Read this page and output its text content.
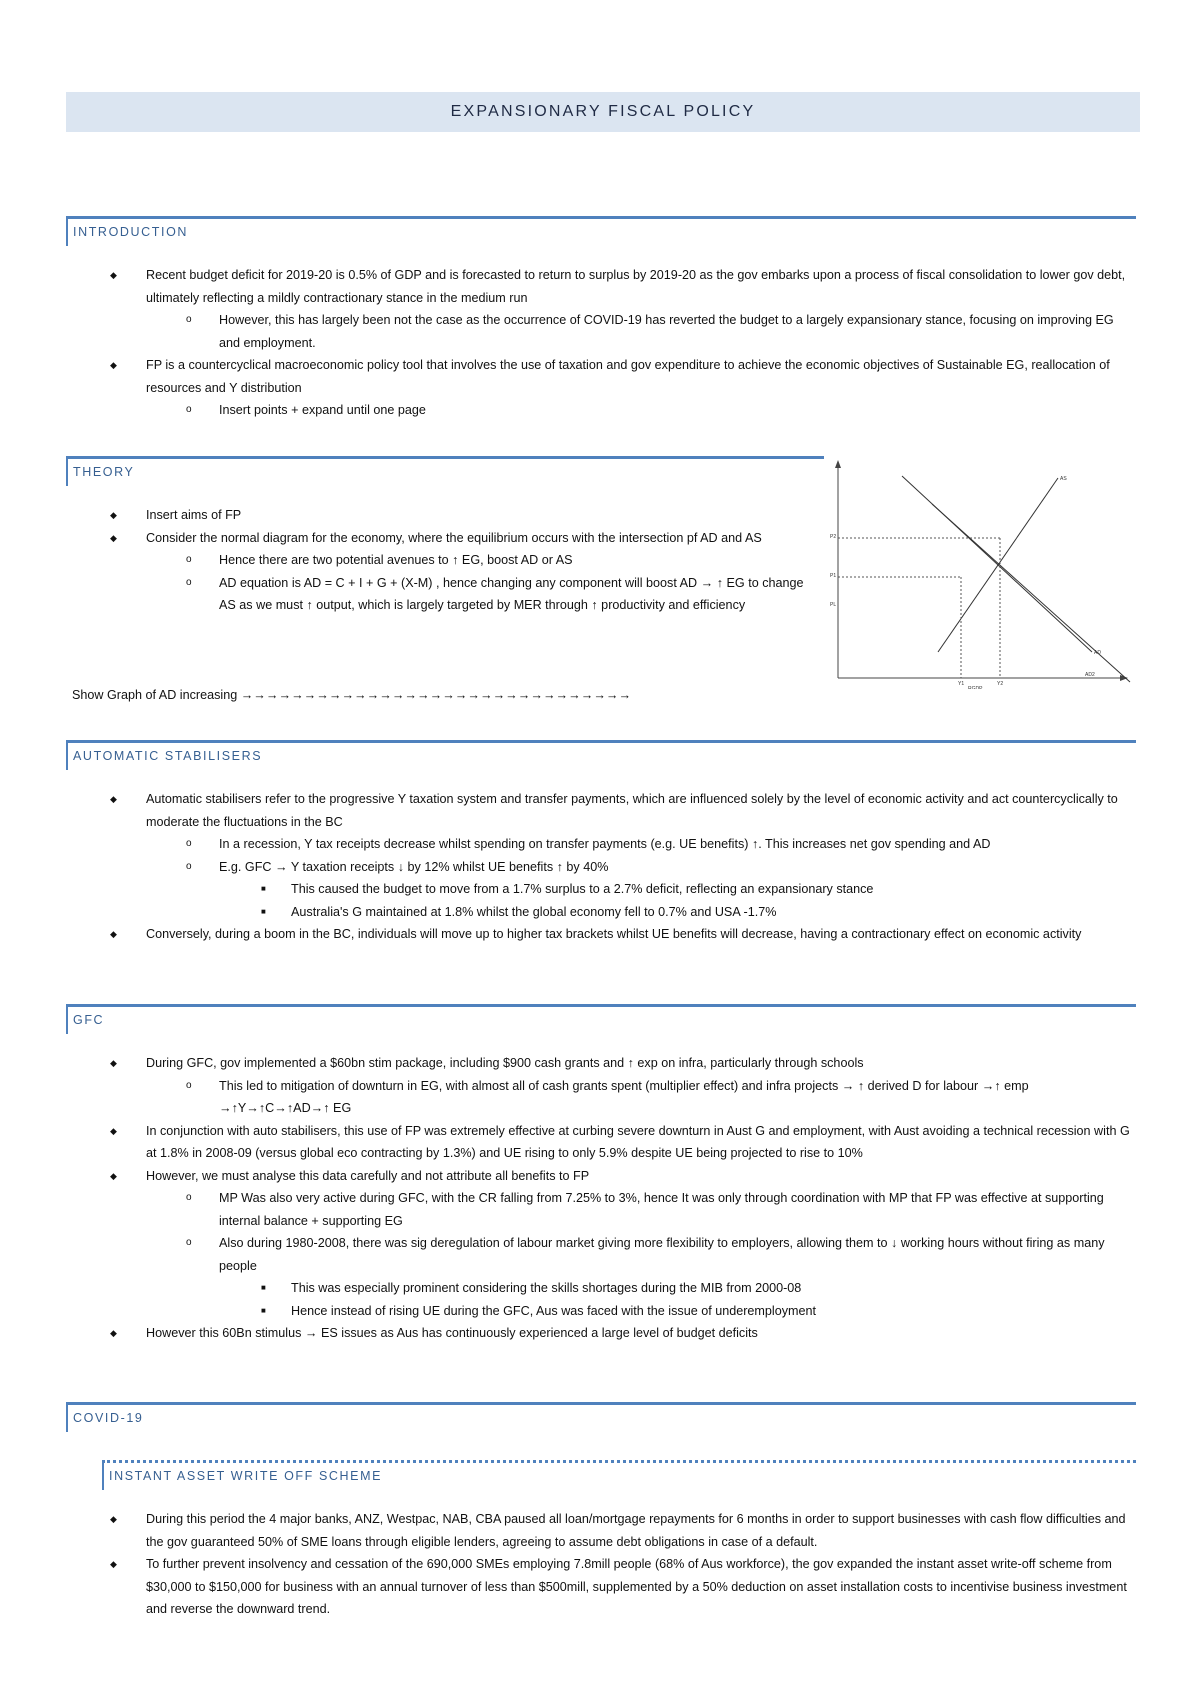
EXPANSIONARY FISCAL POLICY
INTRODUCTION
◆ Recent budget deficit for 2019-20 is 0.5% of GDP and is forecasted to return to surplus by 2019-20 as the gov embarks upon a process of fiscal consolidation to lower gov debt, ultimately reflecting a mildly contractionary stance in the medium run
o However, this has largely been not the case as the occurrence of COVID-19 has reverted the budget to a largely expansionary stance, focusing on improving EG and employment.
◆ FP is a countercyclical macroeconomic policy tool that involves the use of taxation and gov expenditure to achieve the economic objectives of Sustainable EG, reallocation of resources and Y distribution
o Insert points + expand until one page
THEORY
◆ Insert aims of FP
◆ Consider the normal diagram for the economy, where the equilibrium occurs with the intersection pf AD and AS
o Hence there are two potential avenues to ↑ EG, boost AD or AS
o AD equation is AD = C + I + G + (X-M) , hence changing any component will boost AD → ↑ EG to change AS as we must ↑ output, which is largely targeted by MER through ↑ productivity and efficiency
Show Graph of AD increasing →→→→→→→→→→→→→→→→→→→→→→→→→→→→→→→
AS
P2
P1
PL
AD
AD2
Y1	Y2
RGDP
AUTOMATIC STABILISERS
◆ Automatic stabilisers refer to the progressive Y taxation system and transfer payments, which are influenced solely by the level of economic activity and act countercyclically to moderate the fluctuations in the BC
o In a recession, Y tax receipts decrease whilst spending on transfer payments (e.g. UE benefits) ↑. This increases net gov spending and AD
o E.g. GFC → Y taxation receipts ↓ by 12% whilst UE benefits ↑ by 40%
■ This caused the budget to move from a 1.7% surplus to a 2.7% deficit, reflecting an expansionary stance
■ Australia's G maintained at 1.8% whilst the global economy fell to 0.7% and USA -1.7%
◆ Conversely, during a boom in the BC, individuals will move up to higher tax brackets whilst UE benefits will decrease, having a contractionary effect on economic activity
GFC
◆ During GFC, gov implemented a $60bn stim package, including $900 cash grants and ↑ exp on infra, particularly through schools
o This led to mitigation of downturn in EG, with almost all of cash grants spent (multiplier effect) and infra projects → ↑ derived D for labour →↑ emp →↑Y→↑C→↑AD→↑ EG
◆ In conjunction with auto stabilisers, this use of FP was extremely effective at curbing severe downturn in Aust G and employment, with Aust avoiding a technical recession with G at 1.8% in 2008-09 (versus global eco contracting by 1.3%) and UE rising to only 5.9% despite UE being projected to rise to 10%
◆ However, we must analyse this data carefully and not attribute all benefits to FP
o MP Was also very active during GFC, with the CR falling from 7.25% to 3%, hence It was only through coordination with MP that FP was effective at supporting internal balance + supporting EG
o Also during 1980-2008, there was sig deregulation of labour market giving more flexibility to employers, allowing them to ↓ working hours without firing as many people
■ This was especially prominent considering the skills shortages during the MIB from 2000-08
■ Hence instead of rising UE during the GFC, Aus was faced with the issue of underemployment
◆ However this 60Bn stimulus → ES issues as Aus has continuously experienced a large level of budget deficits
COVID-19
INSTANT ASSET WRITE OFF SCHEME
◆ During this period the 4 major banks, ANZ, Westpac, NAB, CBA paused all loan/mortgage repayments for 6 months in order to support businesses with cash flow difficulties and the gov guaranteed 50% of SME loans through eligible lenders, agreeing to assume debt obligations in case of a default.
◆ To further prevent insolvency and cessation of the 690,000 SMEs employing 7.8mill people (68% of Aus workforce), the gov expanded the instant asset write-off scheme from $30,000 to $150,000 for business with an annual turnover of less than $500mill, supplemented by a 50% deduction on asset installation costs to incentivise business investment and reverse the downward trend.
